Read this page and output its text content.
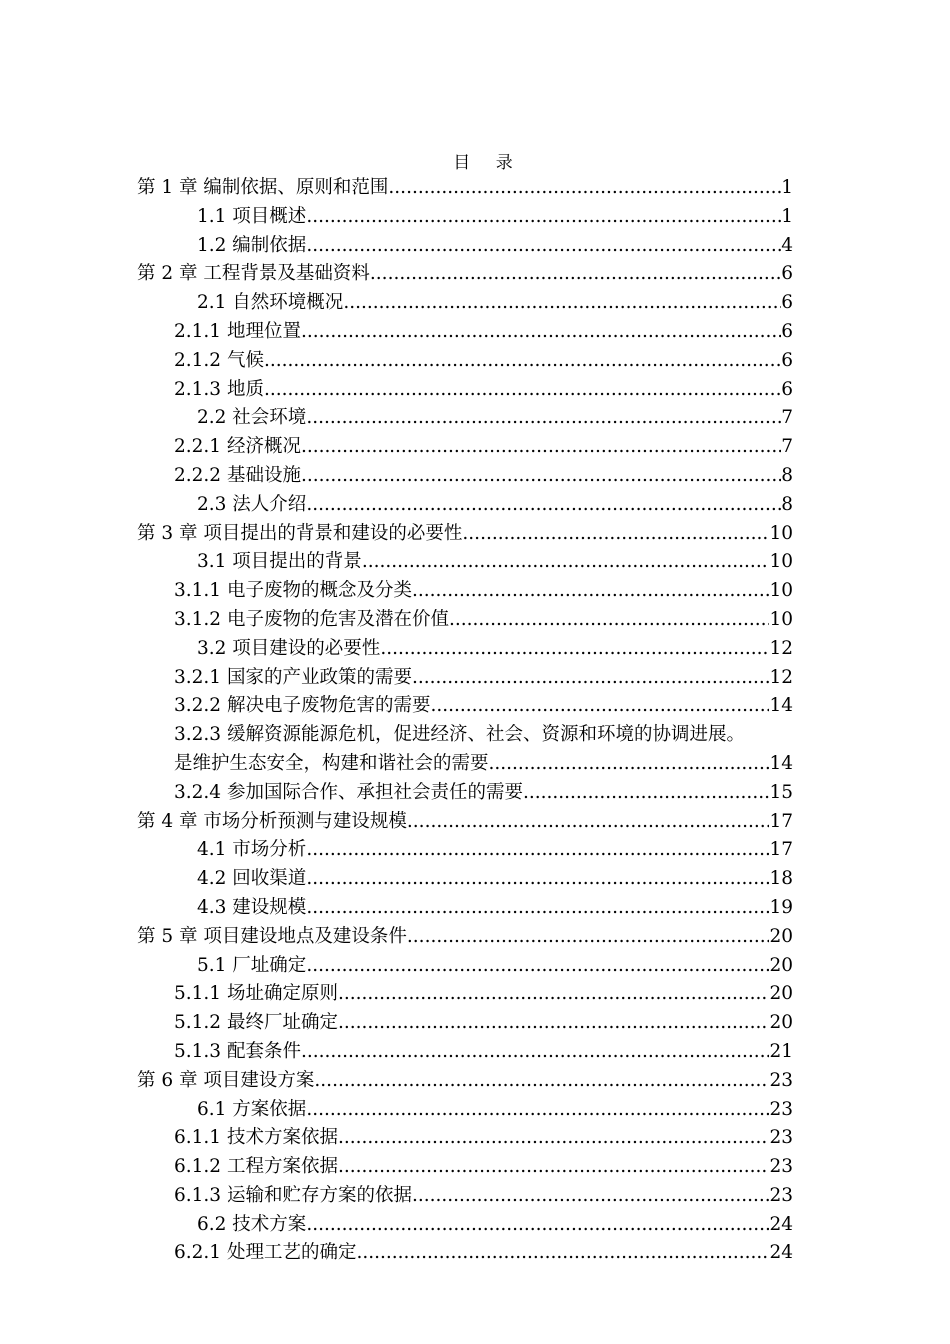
目 录
第 1 章 编制依据、原则和范围 .....	1
1.1 项目概述 .....	1
1.2 编制依据 .....	4
第 2 章 工程背景及基础资料 .....	6
2.1 自然环境概况 .....	6
2.1.1 地理位置 .....	6
2.1.2 气候 .....	6
2.1.3 地质 .....	6
2.2 社会环境 .....	7
2.2.1 经济概况 .....	7
2.2.2 基础设施 .....	8
2.3 法人介绍 .....	8
第 3 章 项目提出的背景和建设的必要性 .....	10
3.1 项目提出的背景 .....	10
3.1.1 电子废物的概念及分类 .....	10
3.1.2 电子废物的危害及潜在价值 .....	10
3.2 项目建设的必要性 .....	12
3.2.1 国家的产业政策的需要 .....	12
3.2.2 解决电子废物危害的需要 .....	14
3.2.3 缓解资源能源危机，促进经济、社会、资源和环境的协调进展。
是维护生态安全，构建和谐社会的需要 .....	14
3.2.4 参加国际合作、承担社会责任的需要 .....	15
第 4 章 市场分析预测与建设规模 .....	17
4.1 市场分析 .....	17
4.2 回收渠道 .....	18
4.3 建设规模 .....	19
第 5 章 项目建设地点及建设条件 .....	20
5.1 厂址确定 .....	20
5.1.1 场址确定原则 .....	20
5.1.2 最终厂址确定 .....	20
5.1.3 配套条件 .....	21
第 6 章 项目建设方案 .....	23
6.1 方案依据 .....	23
6.1.1 技术方案依据 .....	23
6.1.2 工程方案依据 .....	23
6.1.3 运输和贮存方案的依据 .....	23
6.2 技术方案 .....	24
6.2.1 处理工艺的确定 .....	24
